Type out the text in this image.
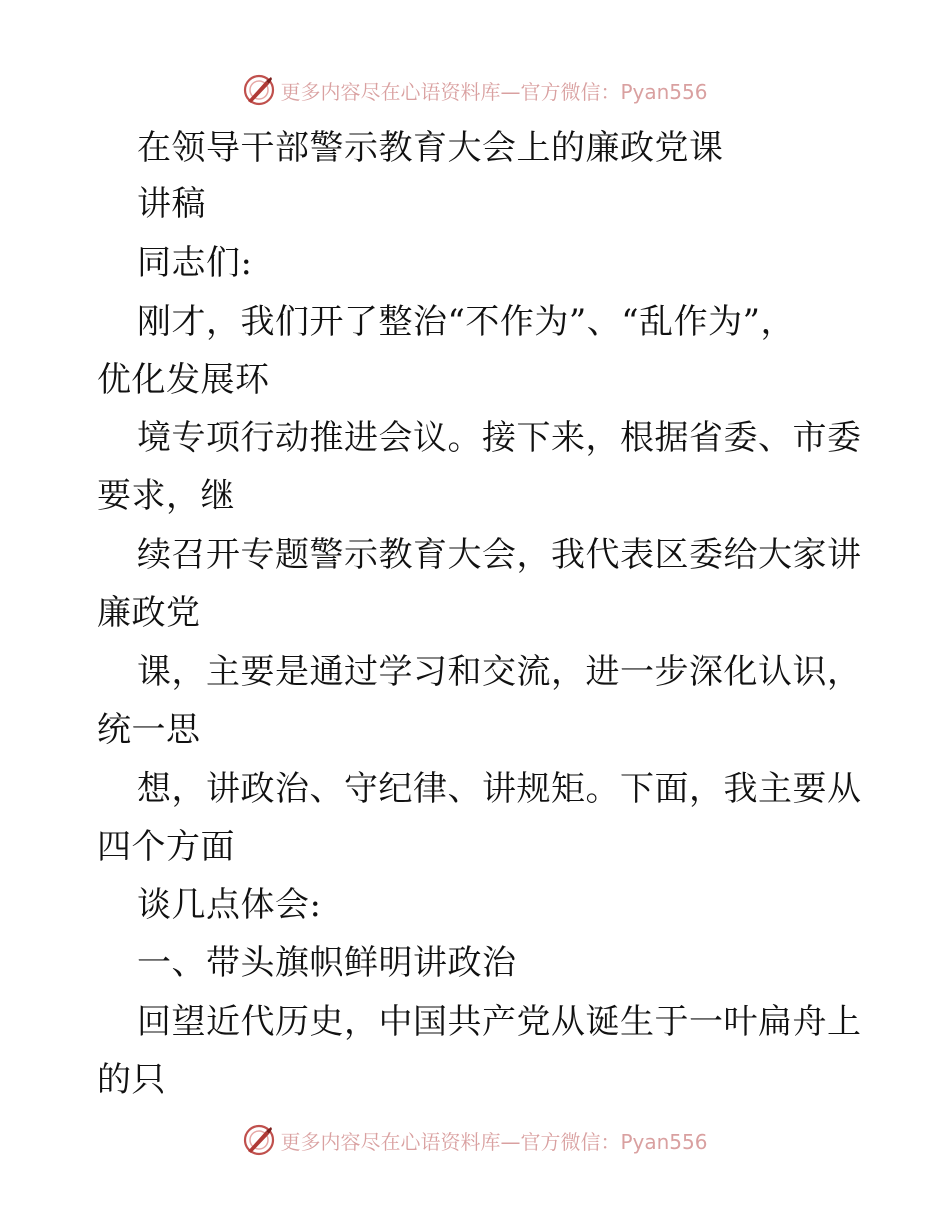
更多内容尽在心语资料库—官方微信：Pyan556
在领导干部警示教育大会上的廉政党课
讲稿
同志们:
刚才，我们开了整治“不作为”、“乱作为”，
优化发展环
境专项行动推进会议。接下来，根据省委、市委
要求，继
续召开专题警示教育大会，我代表区委给大家讲
廉政党
课，主要是通过学习和交流，进一步深化认识，
统一思
想，讲政治、守纪律、讲规矩。下面，我主要从
四个方面
谈几点体会:
一、带头旗帜鲜明讲政治
回望近代历史，中国共产党从诞生于一叶扁舟上
的只
更多内容尽在心语资料库—官方微信：Pyan556
